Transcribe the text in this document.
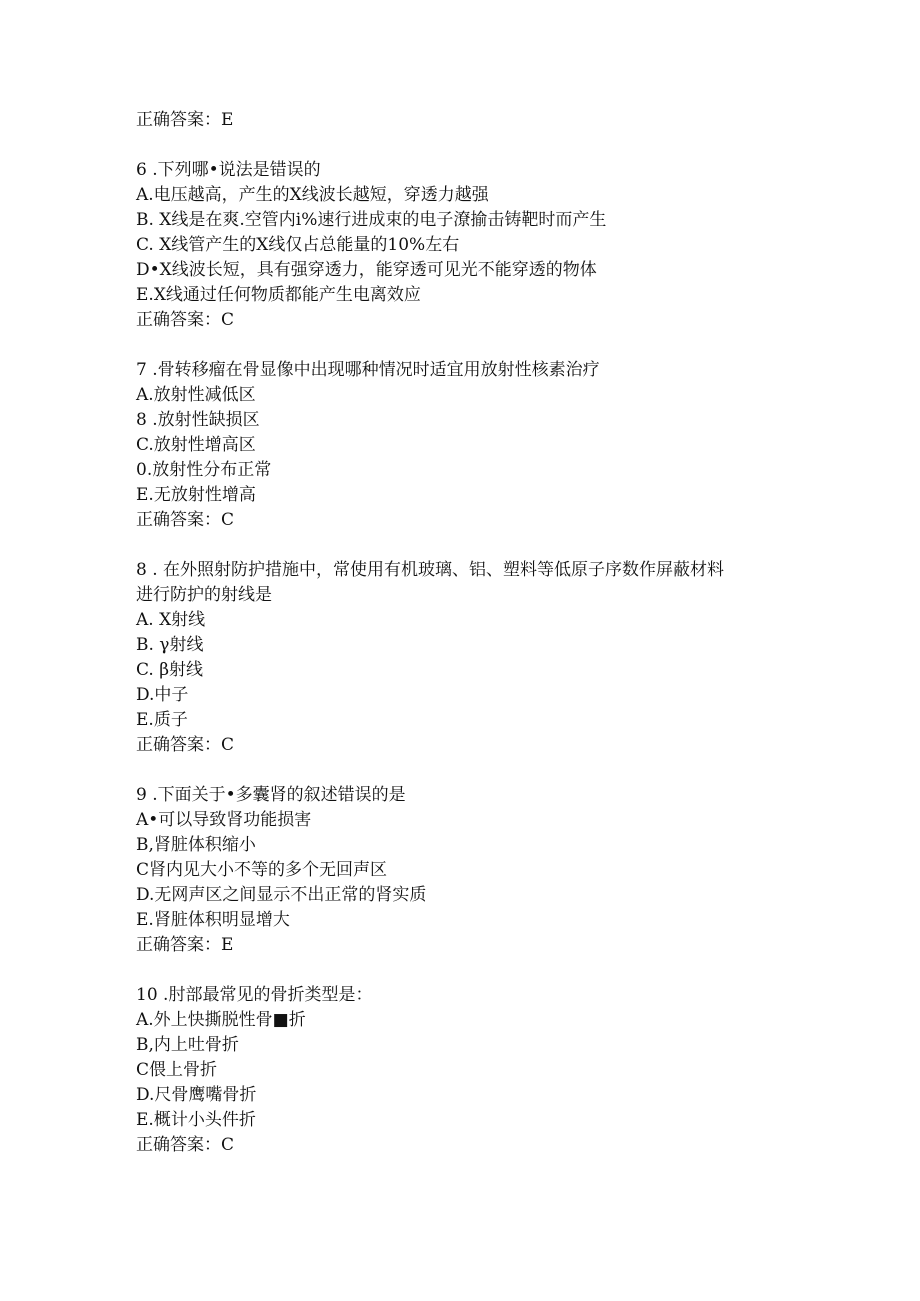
正确答案：E
6 .下列哪•说法是错误的
A.电压越高，产生的X线波长越短，穿透力越强
B. X线是在爽.空管内i%速行进成束的电子潦揄击铸靶时而产生
C. X线管产生的X线仅占总能量的10%左右
D•X线波长短，具有强穿透力，能穿透可见光不能穿透的物体
E.X线通过任何物质都能产生电离效应
正确答案：C
7 .骨转移瘤在骨显像中出现哪种情况时适宜用放射性核素治疗
A.放射性减低区
8 .放射性缺损区
C.放射性增高区
0.放射性分布正常
E.无放射性增高
正确答案：C
8 . 在外照射防护措施中，常使用有机玻璃、铝、塑料等低原子序数作屏蔽材料
进行防护的射线是
A. X射线
B. γ射线
C. β射线
D.中子
E.质子
正确答案：C
9 .下面关于•多囊肾的叙述错误的是
A•可以导致肾功能损害
B,肾脏体积缩小
C肾内见大小不等的多个无回声区
D.无网声区之间显示不出正常的肾实质
E.肾脏体积明显增大
正确答案：E
10 .肘部最常见的骨折类型是：
A.外上快撕脱性骨■折
B,内上吐骨折
C偎上骨折
D.尺骨鹰嘴骨折
E.概计小头件折
正确答案：C
